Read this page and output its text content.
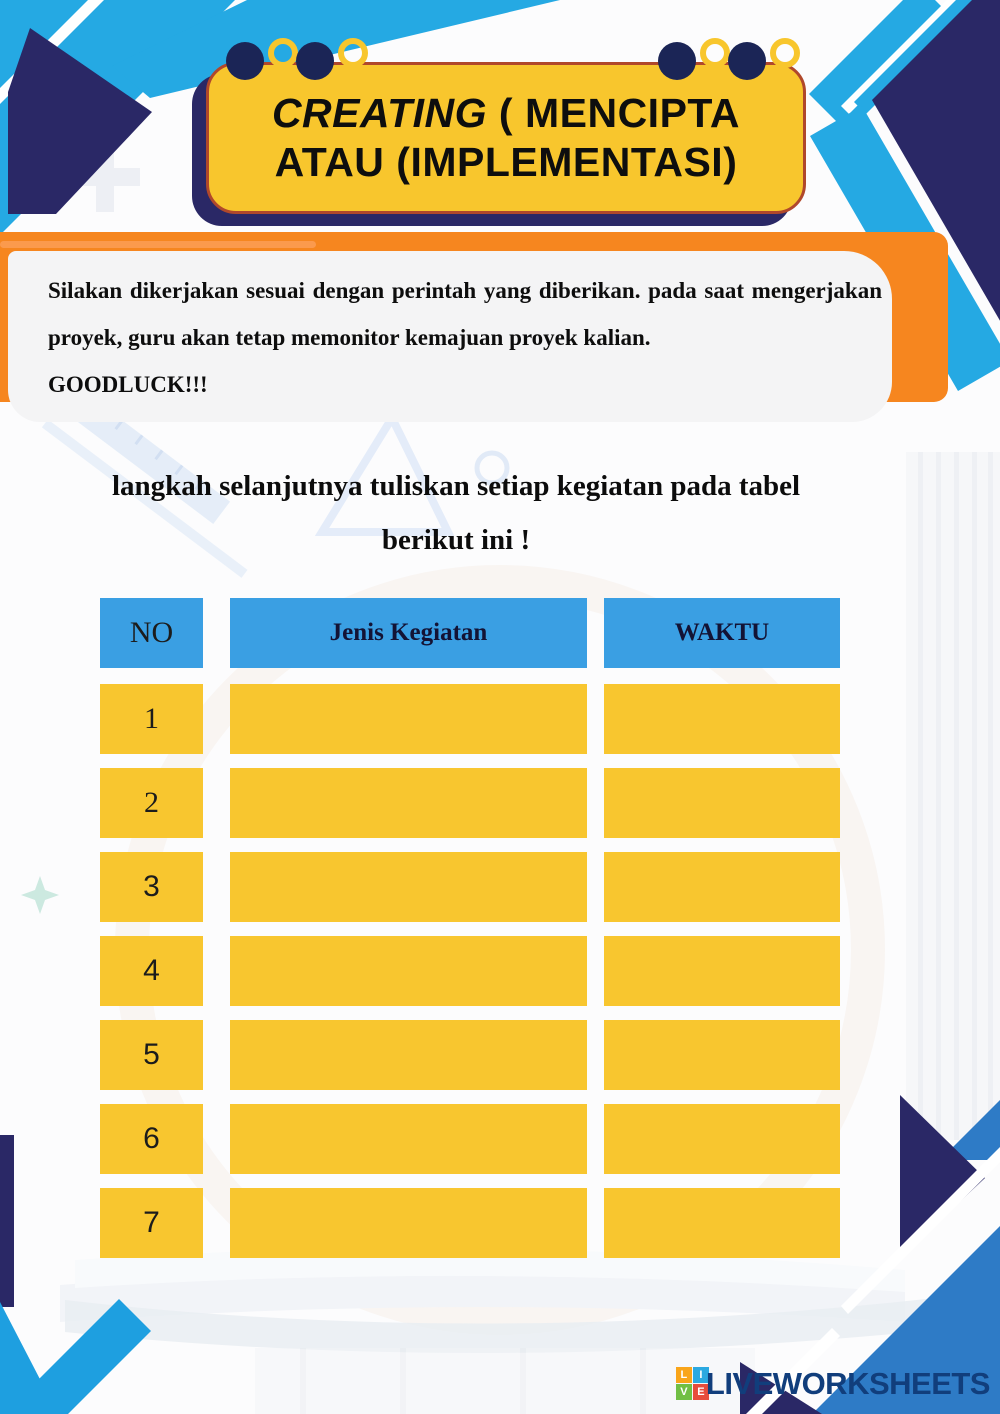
CREATING ( MENCIPTA
ATAU (IMPLEMENTASI)

Silakan dikerjakan sesuai dengan perintah yang diberikan. pada saat mengerjakan proyek, guru akan tetap memonitor kemajuan proyek kalian.

GOODLUCK!!!

langkah selanjutnya tuliskan setiap kegiatan pada tabel
berikut ini !
NO	Jenis Kegiatan	WAKTU
1
2
3
4
5
6
7
L	I
V E LIVEWORKSHEETS
